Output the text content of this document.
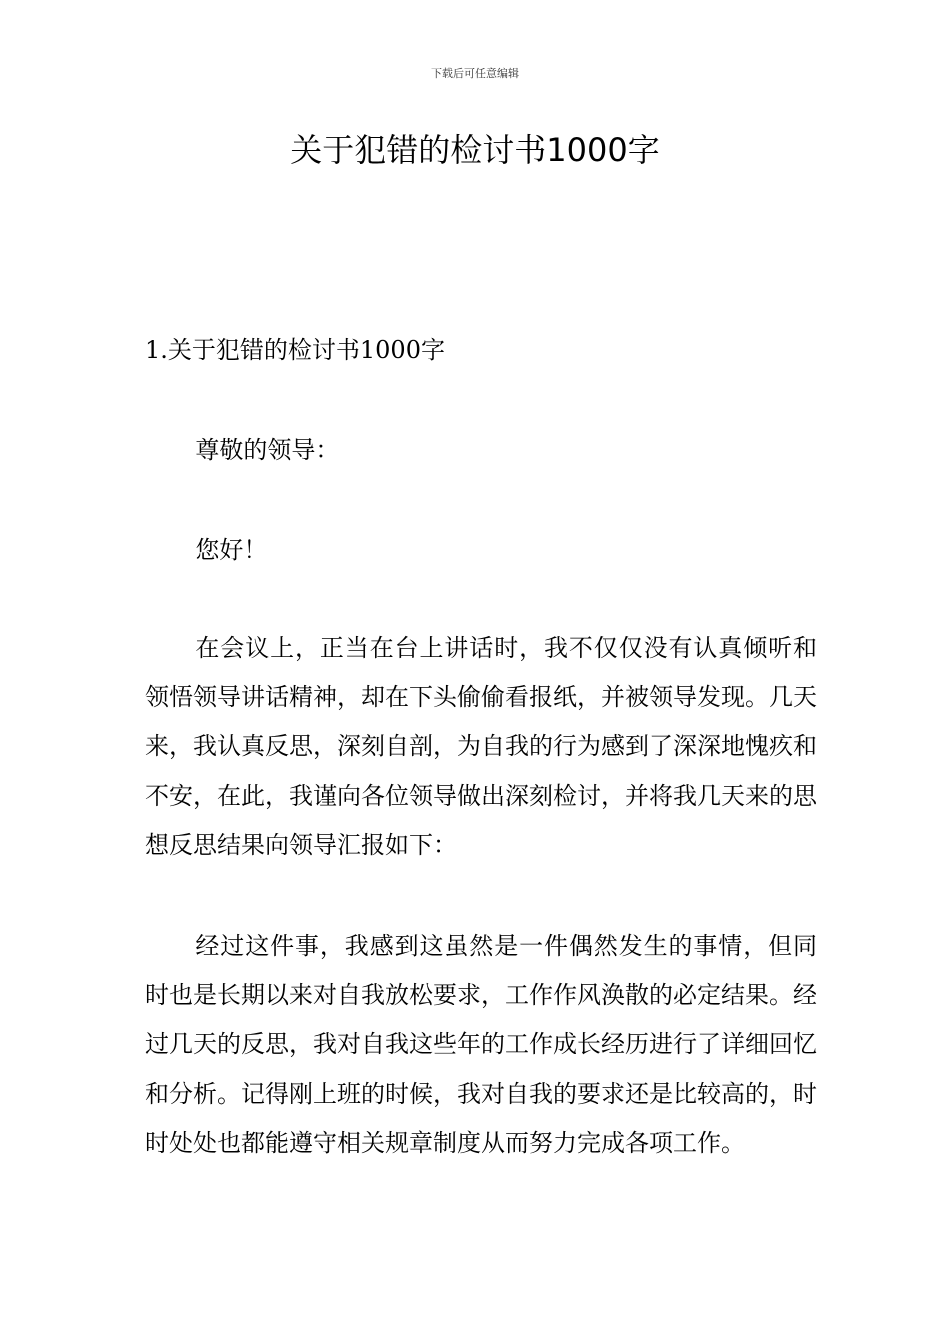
下载后可任意编辑
关于犯错的检讨书1000字
1.关于犯错的检讨书1000字

尊敬的领导：

您好！

在会议上，正当在台上讲话时，我不仅仅没有认真倾听和领悟领导讲话精神，却在下头偷偷看报纸，并被领导发现。几天来，我认真反思，深刻自剖，为自我的行为感到了深深地愧疚和不安，在此，我谨向各位领导做出深刻检讨，并将我几天来的思想反思结果向领导汇报如下：

经过这件事，我感到这虽然是一件偶然发生的事情，但同时也是长期以来对自我放松要求，工作作风涣散的必定结果。经过几天的反思，我对自我这些年的工作成长经历进行了详细回忆和分析。记得刚上班的时候，我对自我的要求还是比较高的，时时处处也都能遵守相关规章制度从而努力完成各项工作。
